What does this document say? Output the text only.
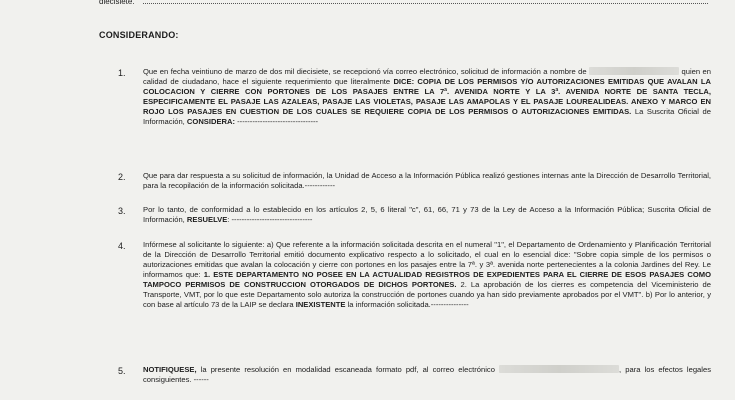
diecisiete.
CONSIDERANDO:
1. Que en fecha veintiuno de marzo de dos mil diecisiete, se recepcionó vía correo electrónico, solicitud de información a nombre de	quien en calidad de ciudadano, hace el siguiente requerimiento que literalmente DICE: COPIA DE LOS PERMISOS Y/O AUTORIZACIONES EMITIDAS QUE AVALAN LA COLOCACION Y CIERRE CON PORTONES DE LOS PASAJES ENTRE LA 7ª. AVENIDA NORTE Y LA 3ª. AVENIDA NORTE DE SANTA TECLA, ESPECIFICAMENTE EL PASAJE LAS AZALEAS, PASAJE LAS VIOLETAS, PASAJE LAS AMAPOLAS Y EL PASAJE LOUREALIDEAS. ANEXO Y MARCO EN ROJO LOS PASAJES EN CUESTION DE LOS CUALES SE REQUIERE COPIA DE LOS PERMISOS O AUTORIZACIONES EMITIDAS. La Suscrita Oficial de Información, CONSIDERA: --------------------------------
2. Que para dar respuesta a su solicitud de información, la Unidad de Acceso a la Información Pública realizó gestiones internas ante la Dirección de Desarrollo Territorial, para la recopilación de la información solicitada.------------
3. Por lo tanto, de conformidad a lo establecido en los artículos 2, 5, 6 literal "c", 61, 66, 71 y 73 de la Ley de Acceso a la Información Pública; Suscrita Oficial de Información, RESUELVE: --------------------------------
4. Infórmese al solicitante lo siguiente: a) Que referente a la información solicitada descrita en el numeral "1", el Departamento de Ordenamiento y Planificación Territorial de la Dirección de Desarrollo Territorial emitió documento explicativo respecto a lo solicitado, el cual en lo esencial dice: "Sobre copia simple de los permisos o autorizaciones emitidas que avalan la colocación y cierre con portones en los pasajes entre la 7ª. y 3ª. avenida norte pertenecientes a la colonia Jardines del Rey. Le informamos que: 1. ESTE DEPARTAMENTO NO POSEE EN LA ACTUALIDAD REGISTROS DE EXPEDIENTES PARA EL CIERRE DE ESOS PASAJES COMO TAMPOCO PERMISOS DE CONSTRUCCION OTORGADOS DE DICHOS PORTONES. 2. La aprobación de los cierres es competencia del Viceministerio de Transporte, VMT, por lo que este Departamento solo autoriza la construcción de portones cuando ya han sido previamente aprobados por el VMT". b) Por lo anterior, y con base al artículo 73 de la LAIP se declara INEXISTENTE la información solicitada.---------------
5. NOTIFIQUESE, la presente resolución en modalidad escaneada formato pdf, al correo electrónico	, para los efectos legales consiguientes. ------
